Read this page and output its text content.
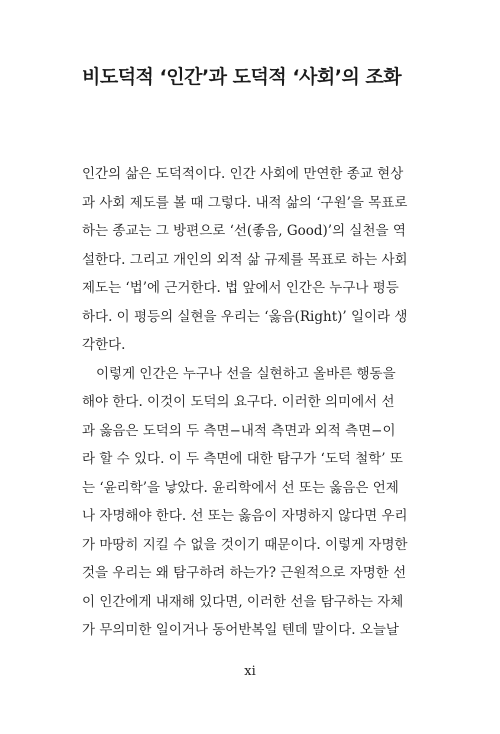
비도덕적 ‘인간’과 도덕적 ‘사회’의 조화
인간의 삶은 도덕적이다. 인간 사회에 만연한 종교 현상
과 사회 제도를 볼 때 그렇다. 내적 삶의 ‘구원’을 목표로
하는 종교는 그 방편으로 ‘선(좋음, Good)’의 실천을 역
설한다. 그리고 개인의 외적 삶 규제를 목표로 하는 사회
제도는 ‘법’에 근거한다. 법 앞에서 인간은 누구나 평등
하다. 이 평등의 실현을 우리는 ‘옳음(Right)’ 일이라 생
각한다.
이렇게 인간은 누구나 선을 실현하고 올바른 행동을
해야 한다. 이것이 도덕의 요구다. 이러한 의미에서 선
과 옳음은 도덕의 두 측면−내적 측면과 외적 측면−이
라 할 수 있다. 이 두 측면에 대한 탐구가 ‘도덕 철학’ 또
는 ‘윤리학’을 낳았다. 윤리학에서 선 또는 옳음은 언제
나 자명해야 한다. 선 또는 옳음이 자명하지 않다면 우리
가 마땅히 지킬 수 없을 것이기 때문이다. 이렇게 자명한
것을 우리는 왜 탐구하려 하는가? 근원적으로 자명한 선
이 인간에게 내재해 있다면, 이러한 선을 탐구하는 자체
가 무의미한 일이거나 동어반복일 텐데 말이다. 오늘날
xi
